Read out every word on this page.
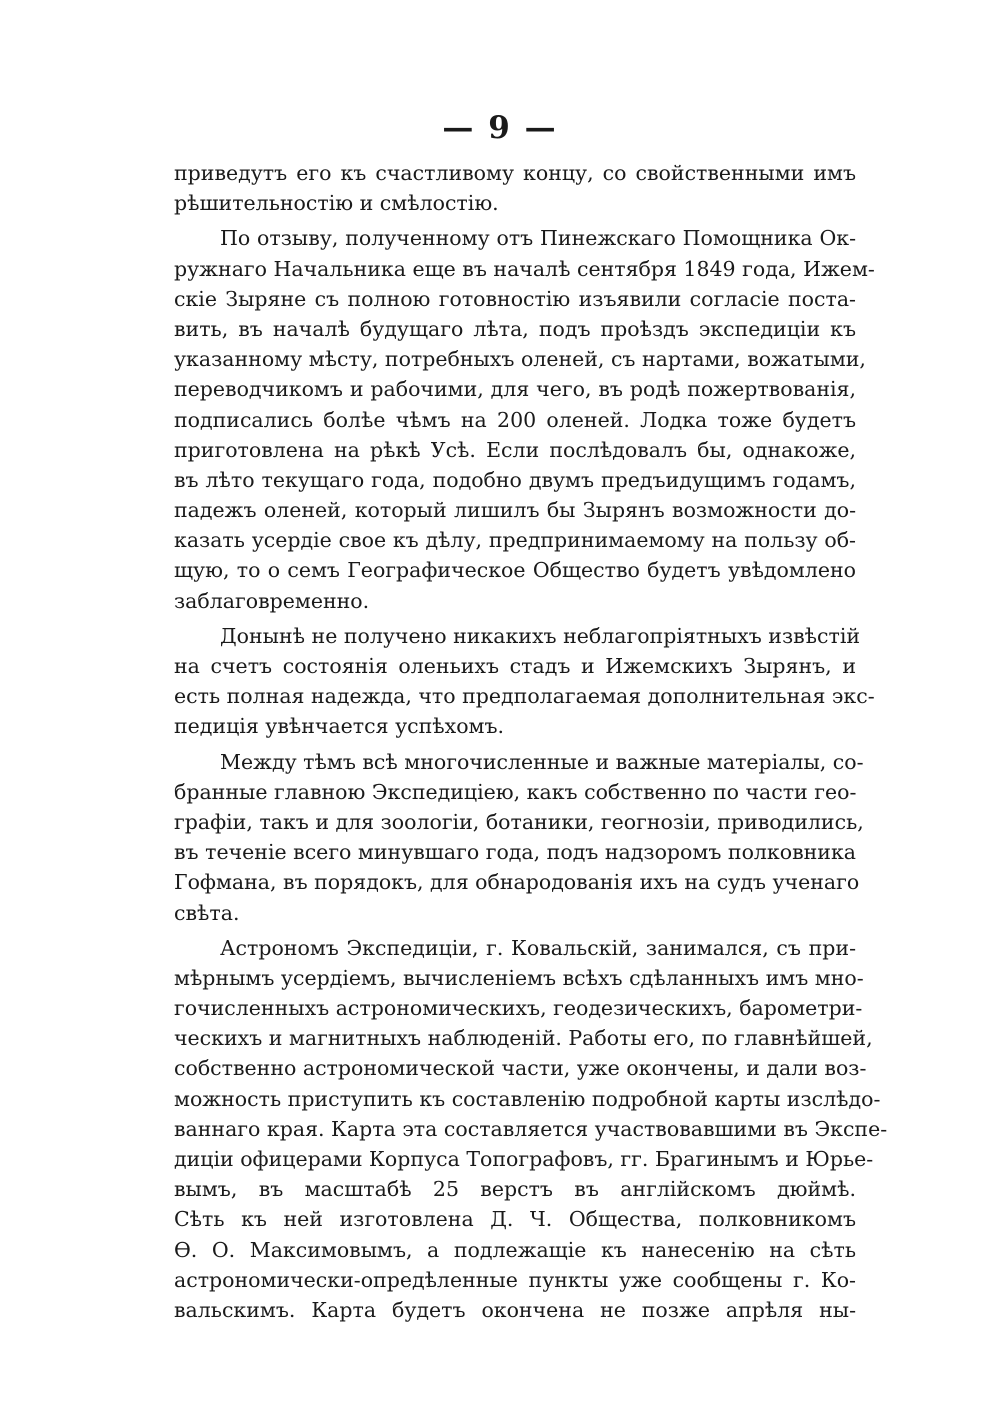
— 9 —
приведутъ его къ счастливому концу, со свойственными имъ
рѣшительностію и смѣлостію.
По отзыву, полученному отъ Пинежскаго Помощника Ок-
ружнаго Начальника еще въ началѣ сентября 1849 года, Ижем-
скіе Зыряне съ полною готовностію изъявили согласіе поста-
вить, въ началѣ будущаго лѣта, подъ проѣздъ экспедиціи къ
указанному мѣсту, потребныхъ оленей, съ нартами, вожатыми,
переводчикомъ и рабочими, для чего, въ родѣ пожертвованія,
подписались болѣе чѣмъ на 200 оленей. Лодка тоже будетъ
приготовлена на рѣкѣ Усѣ. Если послѣдовалъ бы, однакоже,
въ лѣто текущаго года, подобно двумъ предъидущимъ годамъ,
падежъ оленей, который лишилъ бы Зырянъ возможности до-
казать усердіе свое къ дѣлу, предпринимаемому на пользу об-
щую, то о семъ Географическое Общество будетъ увѣдомлено
заблаговременно.
Донынѣ не получено никакихъ неблагопріятныхъ извѣстій
на счетъ состоянія оленьихъ стадъ и Ижемскихъ Зырянъ, и
есть полная надежда, что предполагаемая дополнительная экс-
педиція увѣнчается успѣхомъ.
Между тѣмъ всѣ многочисленные и важные матеріалы, со-
бранные главною Экспедиціею, какъ собственно по части гео-
графіи, такъ и для зоологіи, ботаники, геогнозіи, приводились,
въ теченіе всего минувшаго года, подъ надзоромъ полковника
Гофмана, въ порядокъ, для обнародованія ихъ на судъ ученаго
свѣта.
Астрономъ Экспедиціи, г. Ковальскій, занимался, съ при-
мѣрнымъ усердіемъ, вычисленіемъ всѣхъ сдѣланныхъ имъ мно-
гочисленныхъ астрономическихъ, геодезическихъ, барометри-
ческихъ и магнитныхъ наблюденій. Работы его, по главнѣйшей,
собственно астрономической части, уже окончены, и дали воз-
можность приступить къ составленію подробной карты изслѣдо-
ваннаго края. Карта эта составляется участвовавшими въ Экспе-
диціи офицерами Корпуса Топографовъ, гг. Брагинымъ и Юрье-
вымъ, въ масштабѣ 25 верстъ въ англійскомъ дюймѣ.
Сѣть къ ней изготовлена Д. Ч. Общества, полковникомъ
Ѳ. О. Максимовымъ, а подлежащіе къ нанесенію на сѣть
астрономически-опредѣленные пункты уже сообщены г. Ко-
вальскимъ. Карта будетъ окончена не позже апрѣля ны-
